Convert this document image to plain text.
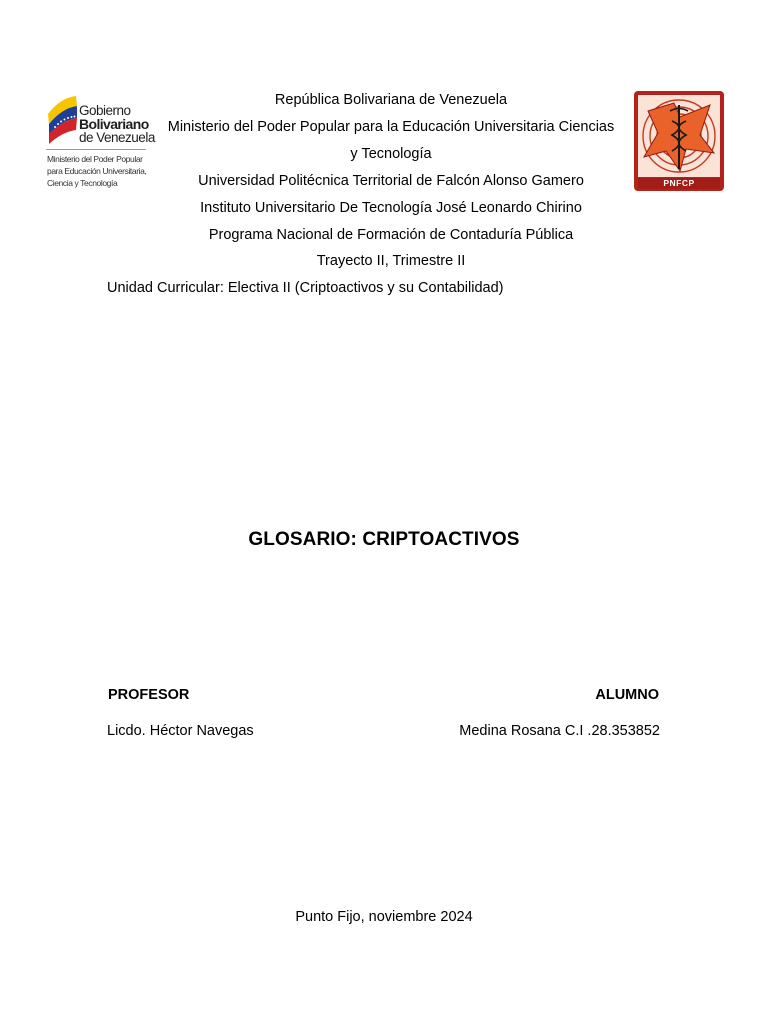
Gobierno
Bolivariano
de Venezuela
Ministerio del Poder Popular
para Educación Universitaria,
Ciencia y Tecnología	PNFCP
República Bolivariana de Venezuela
Ministerio del Poder Popular para la Educación Universitaria Ciencias
y Tecnología
Universidad Politécnica Territorial de Falcón Alonso Gamero
Instituto Universitario De Tecnología José Leonardo Chirino
Programa Nacional de Formación de Contaduría Pública
Trayecto II, Trimestre II
Unidad Curricular: Electiva II (Criptoactivos y su Contabilidad)
GLOSARIO: CRIPTOACTIVOS
PROFESOR
Licdo. Héctor Navegas
ALUMNO
Medina Rosana C.I .28.353852
Punto Fijo, noviembre 2024
